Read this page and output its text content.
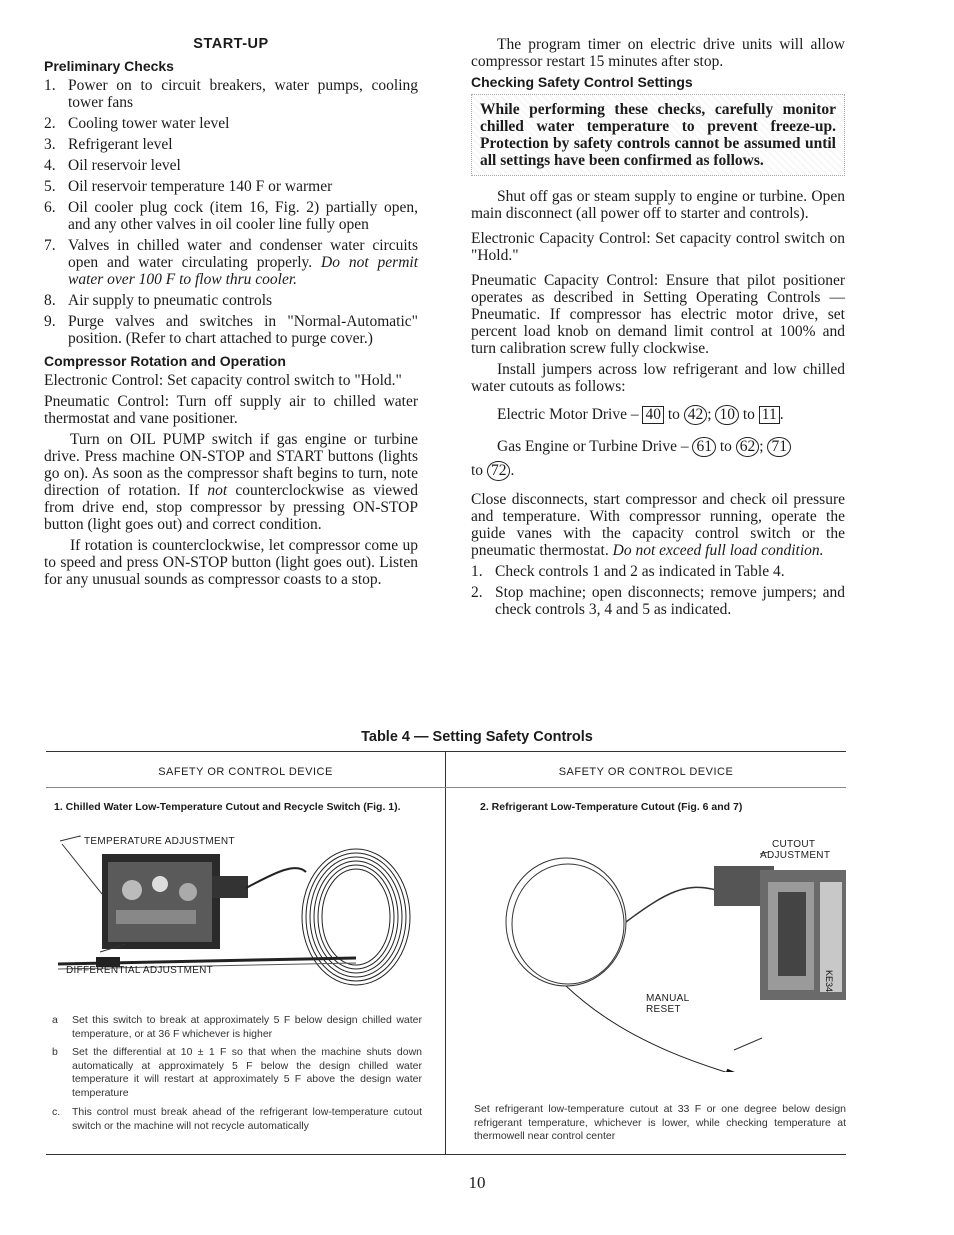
START-UP
Preliminary Checks
1. Power on to circuit breakers, water pumps, cooling tower fans
2. Cooling tower water level
3. Refrigerant level
4. Oil reservoir level
5. Oil reservoir temperature 140 F or warmer
6. Oil cooler plug cock (item 16, Fig. 2) partially open, and any other valves in oil cooler line fully open
7. Valves in chilled water and condenser water circuits open and water circulating properly. Do not permit water over 100 F to flow thru cooler.
8. Air supply to pneumatic controls
9. Purge valves and switches in "Normal-Automatic" position. (Refer to chart attached to purge cover.)
Compressor Rotation and Operation

Electronic Control: Set capacity control switch to "Hold."

Pneumatic Control: Turn off supply air to chilled water thermostat and vane positioner.

Turn on OIL PUMP switch if gas engine or turbine drive. Press machine ON-STOP and START buttons (lights go on). As soon as the compressor shaft begins to turn, note direction of rotation. If not counterclockwise as viewed from drive end, stop compressor by pressing ON-STOP button (light goes out) and correct condition.

If rotation is counterclockwise, let compressor come up to speed and press ON-STOP button (light goes out). Listen for any unusual sounds as compressor coasts to a stop.

The program timer on electric drive units will allow compressor restart 15 minutes after stop.

Checking Safety Control Settings
While performing these checks, carefully monitor chilled water temperature to prevent freeze-up. Protection by safety controls cannot be assumed until all settings have been confirmed as follows.

Shut off gas or steam supply to engine or turbine. Open main disconnect (all power off to starter and controls).

Electronic Capacity Control: Set capacity control switch on "Hold."

Pneumatic Capacity Control: Ensure that pilot positioner operates as described in Setting Operating Controls — Pneumatic. If compressor has electric motor drive, set percent load knob on demand limit control at 100% and turn calibration screw fully clockwise.

Install jumpers across low refrigerant and low chilled water cutouts as follows:

Electric Motor Drive – 40 to 42 ; 10 to 11 .
Gas Engine or Turbine Drive – 61 to 62 ; 71
to 72 .

Close disconnects, start compressor and check oil pressure and temperature. With compressor running, operate the guide vanes with the capacity control switch or the pneumatic thermostat. Do not exceed full load condition.

1. Check controls 1 and 2 as indicated in Table 4.
2. Stop machine; open disconnects; remove jumpers; and check controls 3, 4 and 5 as indicated.
Table 4 — Setting Safety Controls
SAFETY OR CONTROL DEVICE	SAFETY OR CONTROL DEVICE
1. Chilled Water Low-Temperature Cutout and Recycle Switch (Fig. 1).
TEMPERATURE ADJUSTMENT
DIFFERENTIAL ADJUSTMENT
a	Set this switch to break at approximately 5 F below design chilled water temperature, or at 36 F whichever is higher
b	Set the differential at 10 ± 1 F so that when the machine shuts down automatically at approximately 5 F below the design chilled water temperature it will restart at approximately 5 F above the design water temperature
c.	This control must break ahead of the refrigerant low-temperature cutout switch or the machine will not recycle automatically
2. Refrigerant Low-Temperature Cutout (Fig. 6 and 7)
CUTOUT
ADJUSTMENT
KE34
MANUAL
RESET
Set refrigerant low-temperature cutout at 33 F or one degree below design refrigerant temperature, whichever is lower, while checking temperature at thermowell near control center
10
